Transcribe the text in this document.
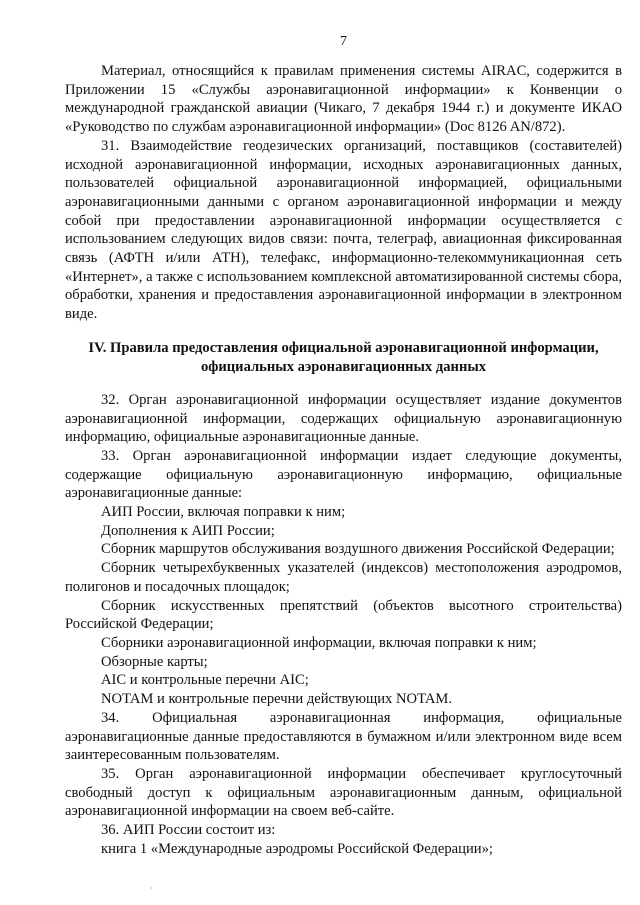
7

Материал, относящийся к правилам применения системы AIRAC, содержится в Приложении 15 «Службы аэронавигационной информации» к Конвенции о международной гражданской авиации (Чикаго, 7 декабря 1944 г.) и документе ИКАО «Руководство по службам аэронавигационной информации» (Doc 8126 AN/872).

31. Взаимодействие геодезических организаций, поставщиков (составителей) исходной аэронавигационной информации, исходных аэронавигационных данных, пользователей официальной аэронавигационной информацией, официальными аэронавигационными данными с органом аэронавигационной информации и между собой при предоставлении аэронавигационной информации осуществляется с использованием следующих видов связи: почта, телеграф, авиационная фиксированная связь (АФТН и/или АТН), телефакс, информационно-телекоммуникационная сеть «Интернет», а также с использованием комплексной автоматизированной системы сбора, обработки, хранения и предоставления аэронавигационной информации в электронном виде.

IV. Правила предоставления официальной аэронавигационной информации,
официальных аэронавигационных данных

32. Орган аэронавигационной информации осуществляет издание документов аэронавигационной информации, содержащих официальную аэронавигационную информацию, официальные аэронавигационные данные.

33. Орган аэронавигационной информации издает следующие документы, содержащие официальную аэронавигационную информацию, официальные аэронавигационные данные:

АИП России, включая поправки к ним;

Дополнения к АИП России;

Сборник маршрутов обслуживания воздушного движения Российской Федерации;

Сборник четырехбуквенных указателей (индексов) местоположения аэродромов, полигонов и посадочных площадок;

Сборник искусственных препятствий (объектов высотного строительства) Российской Федерации;

Сборники аэронавигационной информации, включая поправки к ним;

Обзорные карты;

AIC и контрольные перечни AIC;

NOTAM и контрольные перечни действующих NOTAM.

34. Официальная аэронавигационная информация, официальные аэронавигационные данные предоставляются в бумажном и/или электронном виде всем заинтересованным пользователям.

35. Орган аэронавигационной информации обеспечивает круглосуточный свободный доступ к официальным аэронавигационным данным, официальной аэронавигационной информации на своем веб-сайте.

36. АИП России состоит из:

книга 1 «Международные аэродромы Российской Федерации»;

·
